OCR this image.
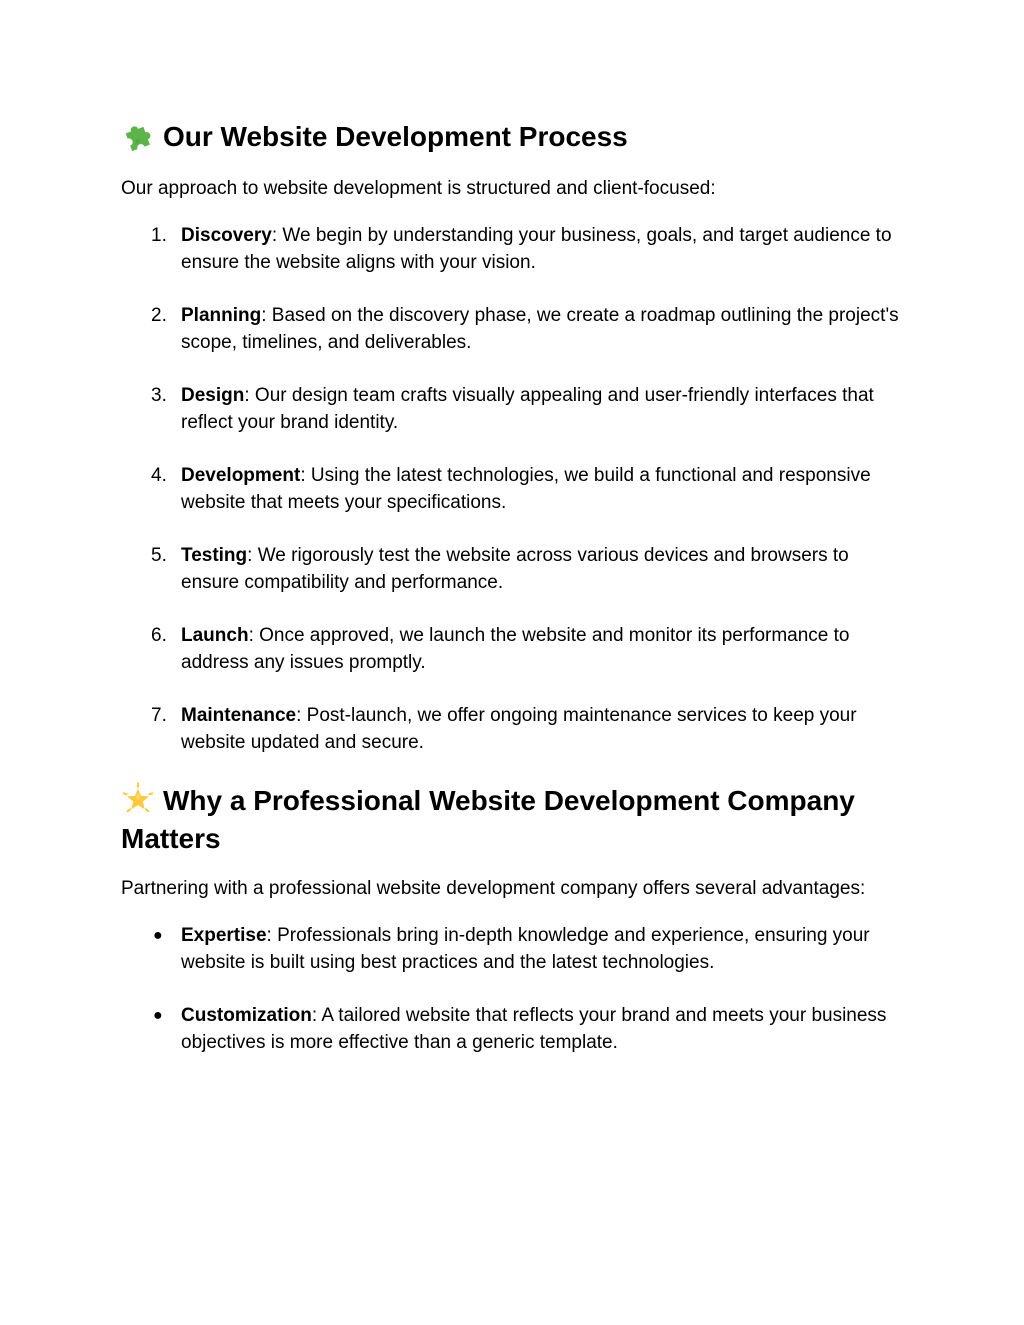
Our Website Development Process

Our approach to website development is structured and client-focused:

1. Discovery: We begin by understanding your business, goals, and target audience to ensure the website aligns with your vision.
2. Planning: Based on the discovery phase, we create a roadmap outlining the project's scope, timelines, and deliverables.
3. Design: Our design team crafts visually appealing and user-friendly interfaces that reflect your brand identity.
4. Development: Using the latest technologies, we build a functional and responsive website that meets your specifications.
5. Testing: We rigorously test the website across various devices and browsers to ensure compatibility and performance.
6. Launch: Once approved, we launch the website and monitor its performance to address any issues promptly.
7. Maintenance: Post-launch, we offer ongoing maintenance services to keep your website updated and secure.
Why a Professional Website Development Company Matters

Partnering with a professional website development company offers several advantages:

● Expertise: Professionals bring in-depth knowledge and experience, ensuring your website is built using best practices and the latest technologies.
● Customization: A tailored website that reflects your brand and meets your business objectives is more effective than a generic template.
